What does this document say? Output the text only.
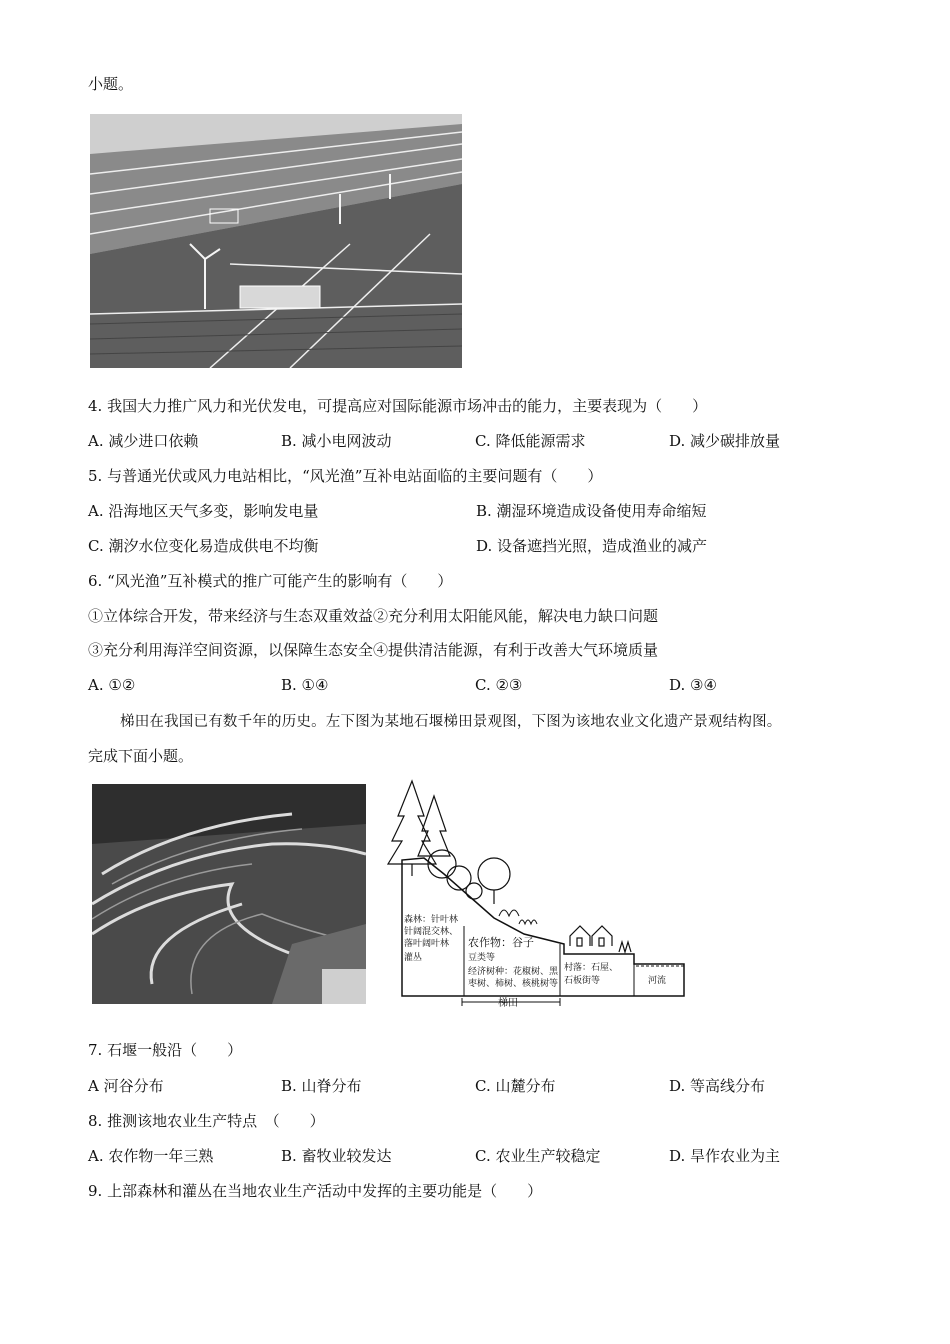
小题。
4. 我国大力推广风力和光伏发电，可提高应对国际能源市场冲击的能力，主要表现为（　　）
A. 减少进口依赖	B. 减小电网波动	C. 降低能源需求	D. 减少碳排放量
5. 与普通光伏或风力电站相比，“风光渔”互补电站面临的主要问题有（　　）
A. 沿海地区天气多变，影响发电量	B. 潮湿环境造成设备使用寿命缩短
C. 潮汐水位变化易造成供电不均衡	D. 设备遮挡光照，造成渔业的减产
6. “风光渔”互补模式的推广可能产生的影响有（　　）
①立体综合开发，带来经济与生态双重效益②充分利用太阳能风能，解决电力缺口问题
③充分利用海洋空间资源，以保障生态安全④提供清洁能源，有利于改善大气环境质量
A. ①②	B. ①④	C. ②③	D. ③④
梯田在我国已有数千年的历史。左下图为某地石堰梯田景观图，下图为该地农业文化遗产景观结构图。
完成下面小题。
森林：针叶林
针阔混交林、
落叶阔叶林
灌丛
农作物：谷子
豆类等
经济树种：花椒树、黑
枣树、柿树、核桃树等
村落：石屋、
石板街等	河流
梯田
7. 石堰一般沿（　　）
A 河谷分布	B. 山脊分布	C. 山麓分布	D. 等高线分布
8. 推测该地农业生产特点　（　　）
A. 农作物一年三熟	B. 畜牧业较发达	C. 农业生产较稳定	D. 旱作农业为主
9. 上部森林和灌丛在当地农业生产活动中发挥的主要功能是（　　）
